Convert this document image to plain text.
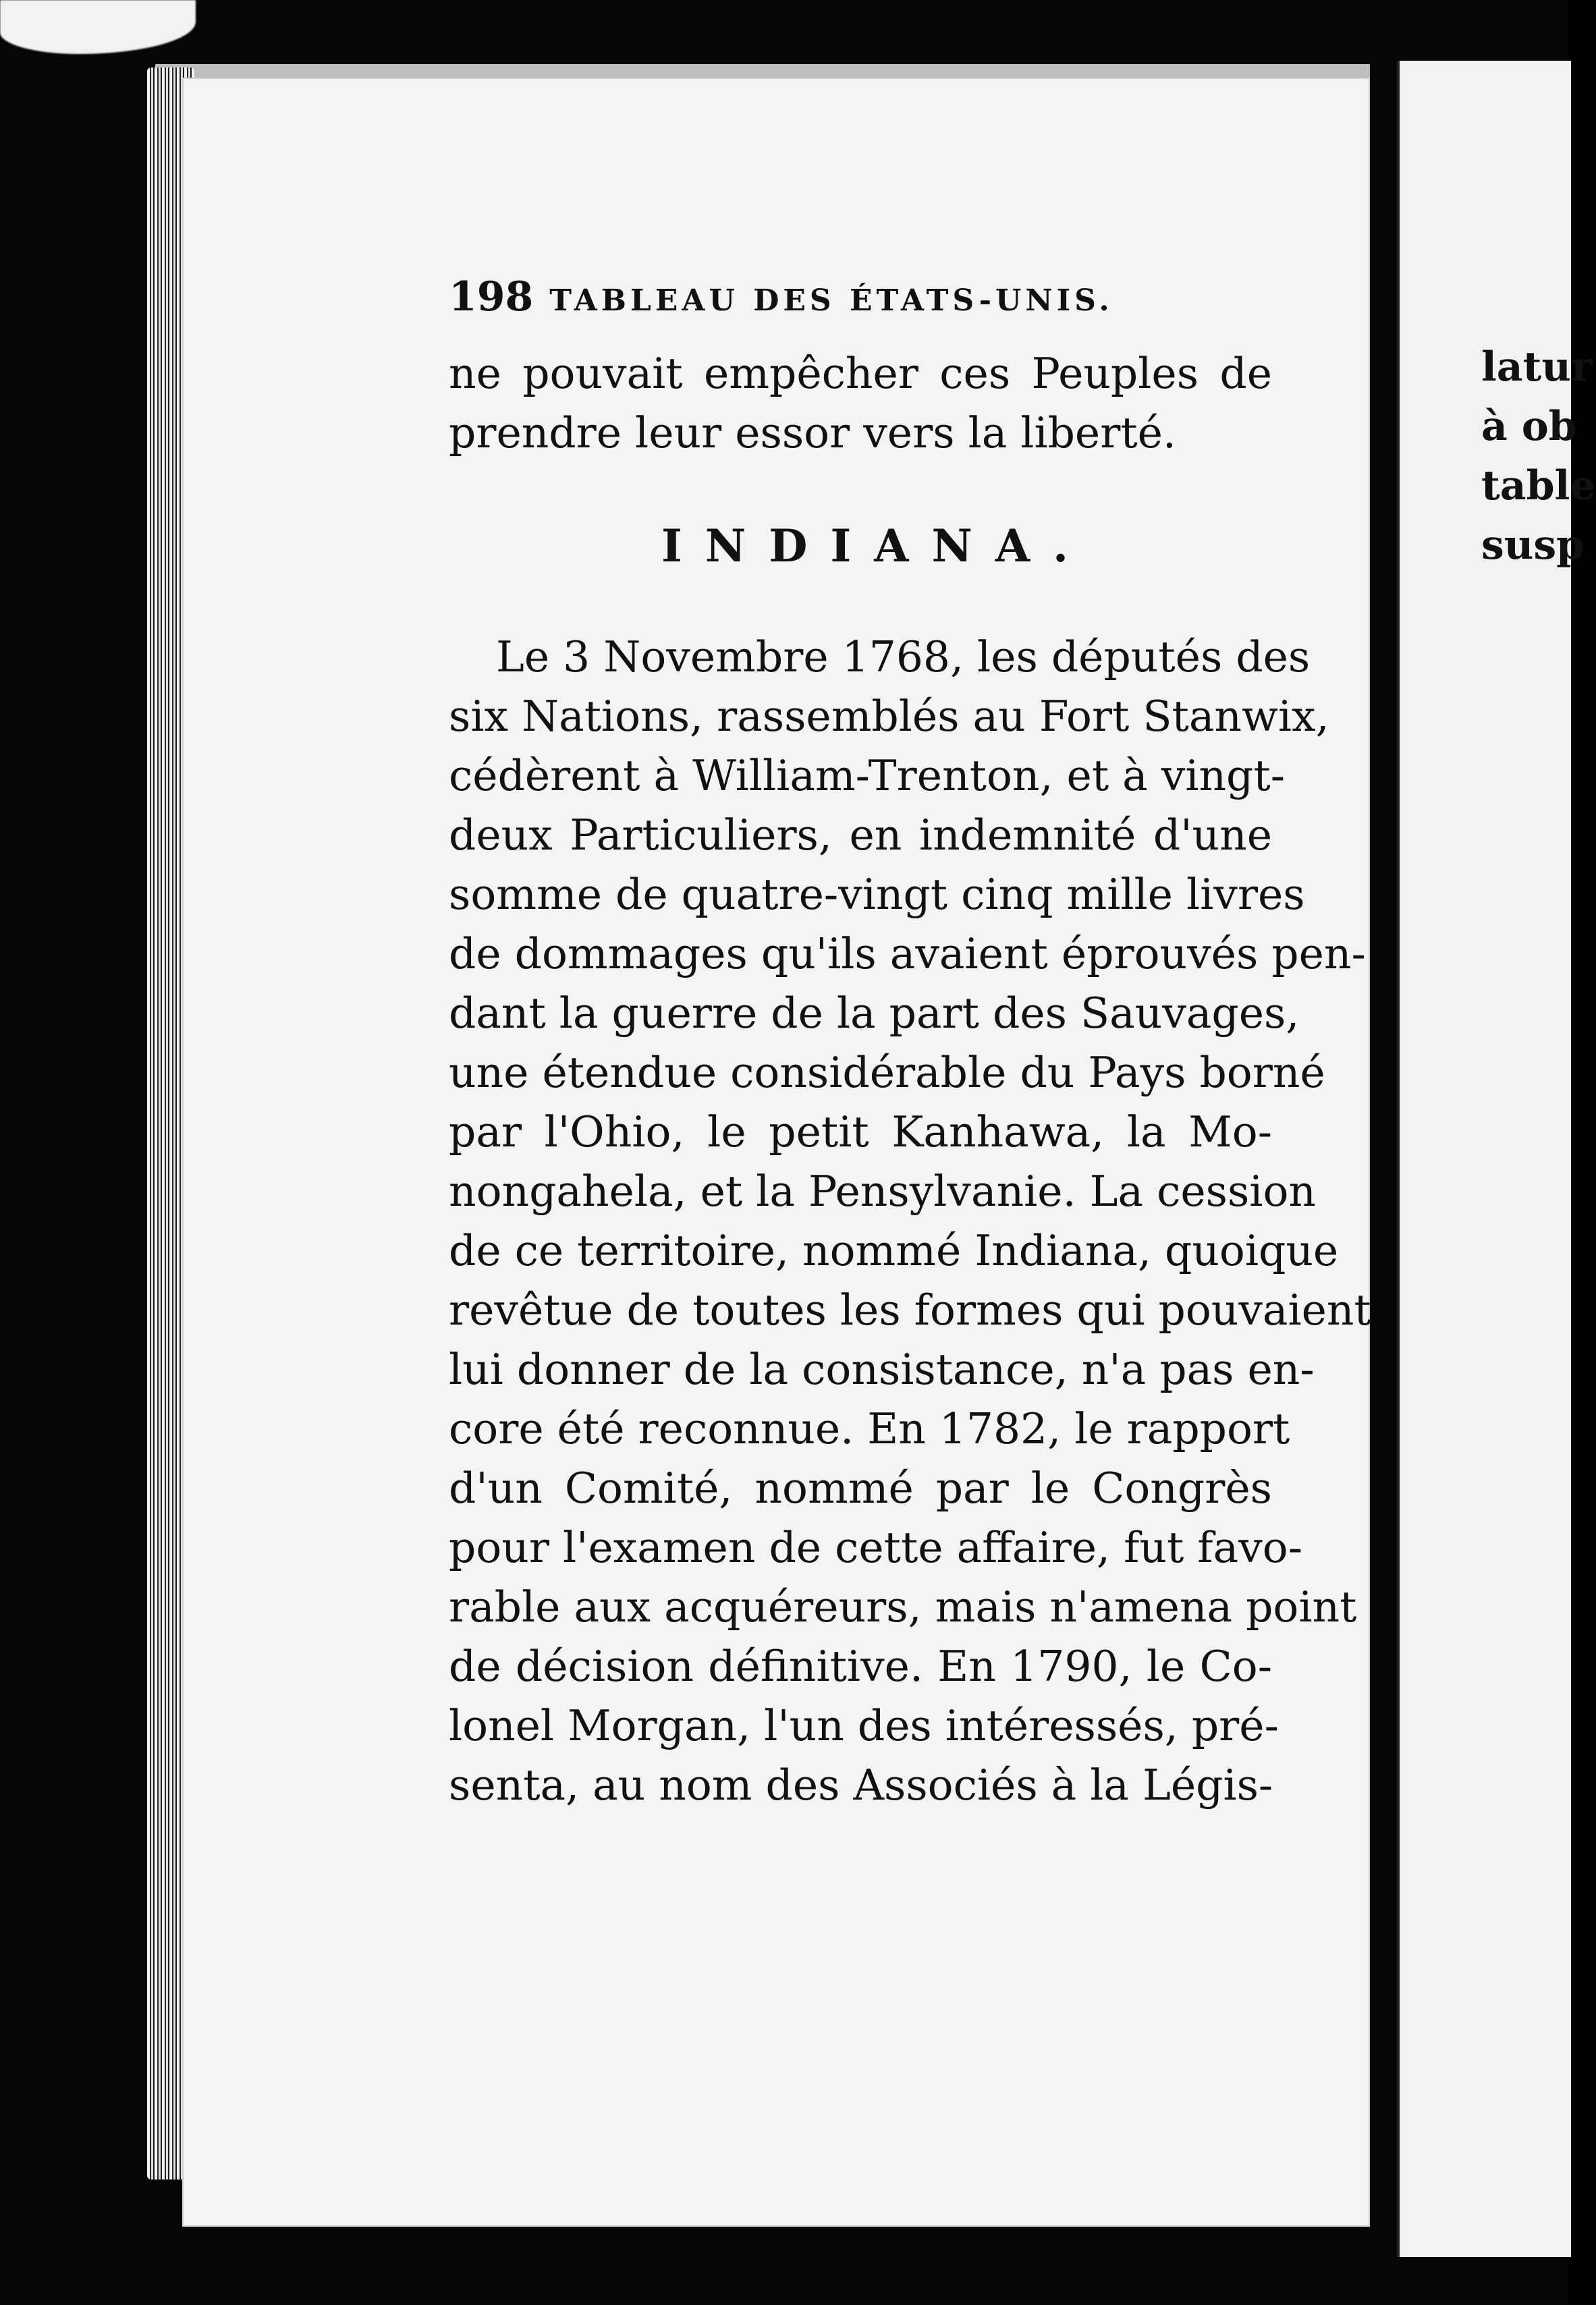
198 TABLEAU DES ÉTATS-UNIS.
ne pouvait empêcher ces Peuples de
prendre leur essor vers la liberté.
Le 3 Novembre 1768, les députés des
six Nations, rassemblés au Fort Stanwix,
cédèrent à William-Trenton, et à vingt-
deux Particuliers, en indemnité d'une
somme de quatre-vingt cinq mille livres
de dommages qu'ils avaient éprouvés pen-
dant la guerre de la part des Sauvages,
une étendue considérable du Pays borné
par l'Ohio, le petit Kanhawa, la Mo-
nongahela, et la Pensylvanie. La cession
de ce territoire, nommé Indiana, quoique
revêtue de toutes les formes qui pouvaient
lui donner de la consistance, n'a pas en-
core été reconnue. En 1782, le rapport
d'un Comité, nommé par le Congrès
pour l'examen de cette affaire, fut favo-
rable aux acquéreurs, mais n'amena point
de décision définitive. En 1790, le Co-
lonel Morgan, l'un des intéressés, pré-
senta, au nom des Associés à la Légis-
INDIANA.
latur
à ob
table
susp
